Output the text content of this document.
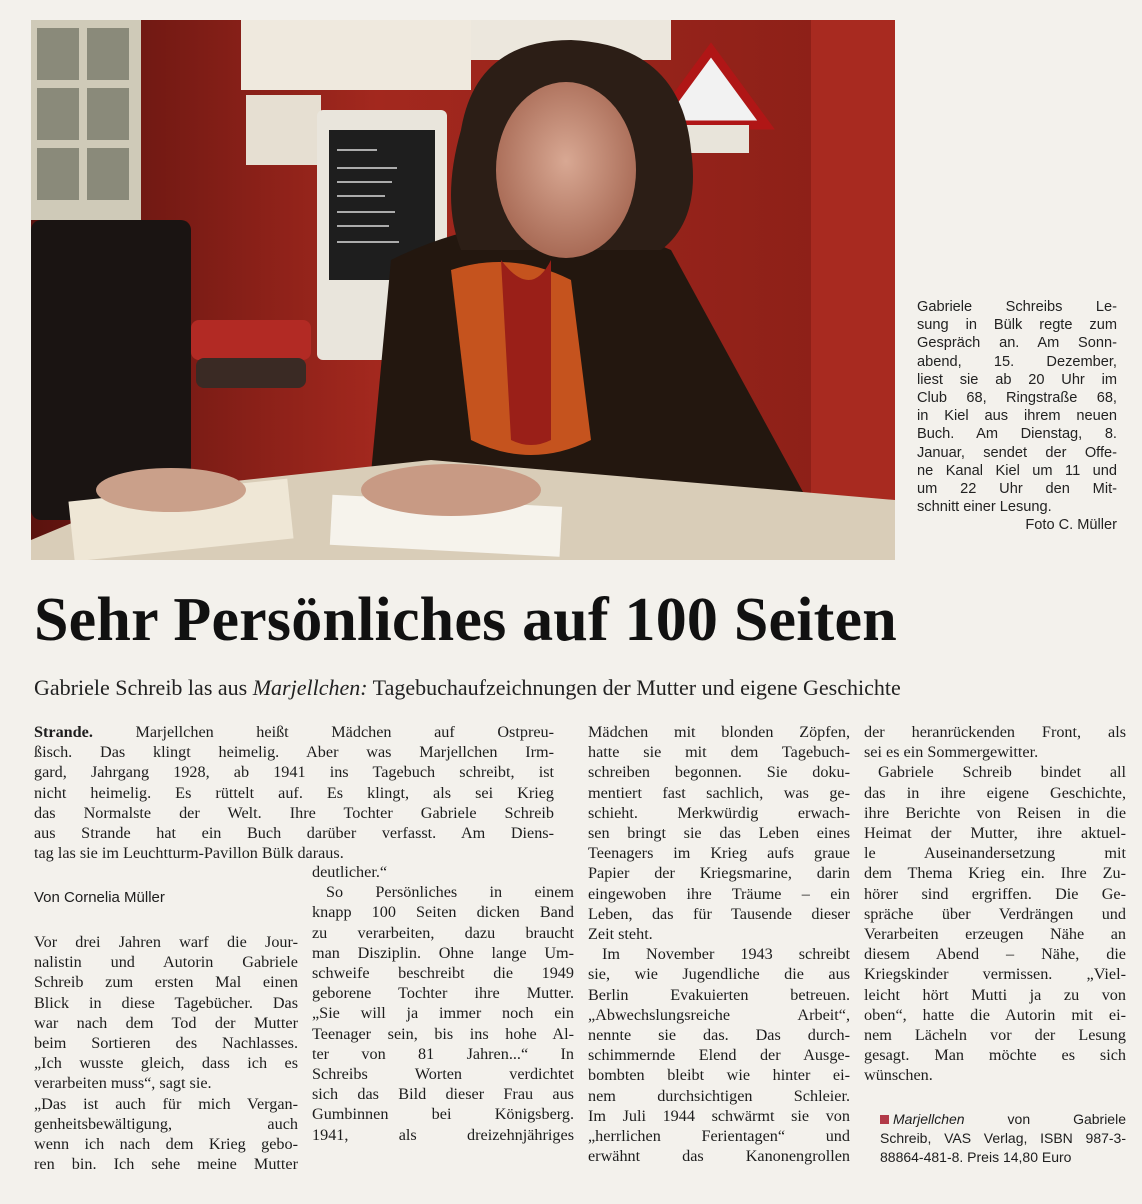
Gabriele Schreibs Le-
sung in Bülk regte zum
Gespräch an. Am Sonn-
abend, 15. Dezember,
liest sie ab 20 Uhr im
Club 68, Ringstraße 68,
in Kiel aus ihrem neuen
Buch. Am Dienstag, 8.
Januar, sendet der Offe-
ne Kanal Kiel um 11 und
um 22 Uhr den Mit-
schnitt einer Lesung.
Foto C. Müller
Sehr Persönliches auf 100 Seiten
Gabriele Schreib las aus Marjellchen: Tagebuchaufzeichnungen der Mutter und eigene Geschichte
Strande. Marjellchen heißt Mädchen auf Ostpreu-
ßisch. Das klingt heimelig. Aber was Marjellchen Irm-
gard, Jahrgang 1928, ab 1941 ins Tagebuch schreibt, ist
nicht heimelig. Es rüttelt auf. Es klingt, als sei Krieg
das Normalste der Welt. Ihre Tochter Gabriele Schreib
aus Strande hat ein Buch darüber verfasst. Am Diens-
tag las sie im Leuchtturm-Pavillon Bülk daraus.
Von Cornelia Müller
Vor drei Jahren warf die Jour-
nalistin und Autorin Gabriele
Schreib zum ersten Mal einen
Blick in diese Tagebücher. Das
war nach dem Tod der Mutter
beim Sortieren des Nachlasses.
„Ich wusste gleich, dass ich es
verarbeiten muss“, sagt sie.
„Das ist auch für mich Vergan-
genheitsbewältigung, auch
wenn ich nach dem Krieg gebo-
ren bin. Ich sehe meine Mutter
deutlicher.“
So Persönliches in einem
knapp 100 Seiten dicken Band
zu verarbeiten, dazu braucht
man Disziplin. Ohne lange Um-
schweife beschreibt die 1949
geborene Tochter ihre Mutter.
„Sie will ja immer noch ein
Teenager sein, bis ins hohe Al-
ter von 81 Jahren...“ In
Schreibs Worten verdichtet
sich das Bild dieser Frau aus
Gumbinnen bei Königsberg.
1941, als dreizehnjähriges
Mädchen mit blonden Zöpfen,
hatte sie mit dem Tagebuch-
schreiben begonnen. Sie doku-
mentiert fast sachlich, was ge-
schieht. Merkwürdig erwach-
sen bringt sie das Leben eines
Teenagers im Krieg aufs graue
Papier der Kriegsmarine, darin
eingewoben ihre Träume – ein
Leben, das für Tausende dieser
Zeit steht.
Im November 1943 schreibt
sie, wie Jugendliche die aus
Berlin Evakuierten betreuen.
„Abwechslungsreiche Arbeit“,
nennte sie das. Das durch-
schimmernde Elend der Ausge-
bombten bleibt wie hinter ei-
nem durchsichtigen Schleier.
Im Juli 1944 schwärmt sie von
„herrlichen Ferientagen“ und
erwähnt das Kanonengrollen
der heranrückenden Front, als
sei es ein Sommergewitter.
Gabriele Schreib bindet all
das in ihre eigene Geschichte,
ihre Berichte von Reisen in die
Heimat der Mutter, ihre aktuel-
le Auseinandersetzung mit
dem Thema Krieg ein. Ihre Zu-
hörer sind ergriffen. Die Ge-
spräche über Verdrängen und
Verarbeiten erzeugen Nähe an
diesem Abend – Nähe, die
Kriegskinder vermissen. „Viel-
leicht hört Mutti ja zu von
oben“, hatte die Autorin mit ei-
nem Lächeln vor der Lesung
gesagt. Man möchte es sich
wünschen.
Marjellchen von Gabriele
Schreib, VAS Verlag, ISBN 987-3-
88864-481-8. Preis 14,80 Euro
